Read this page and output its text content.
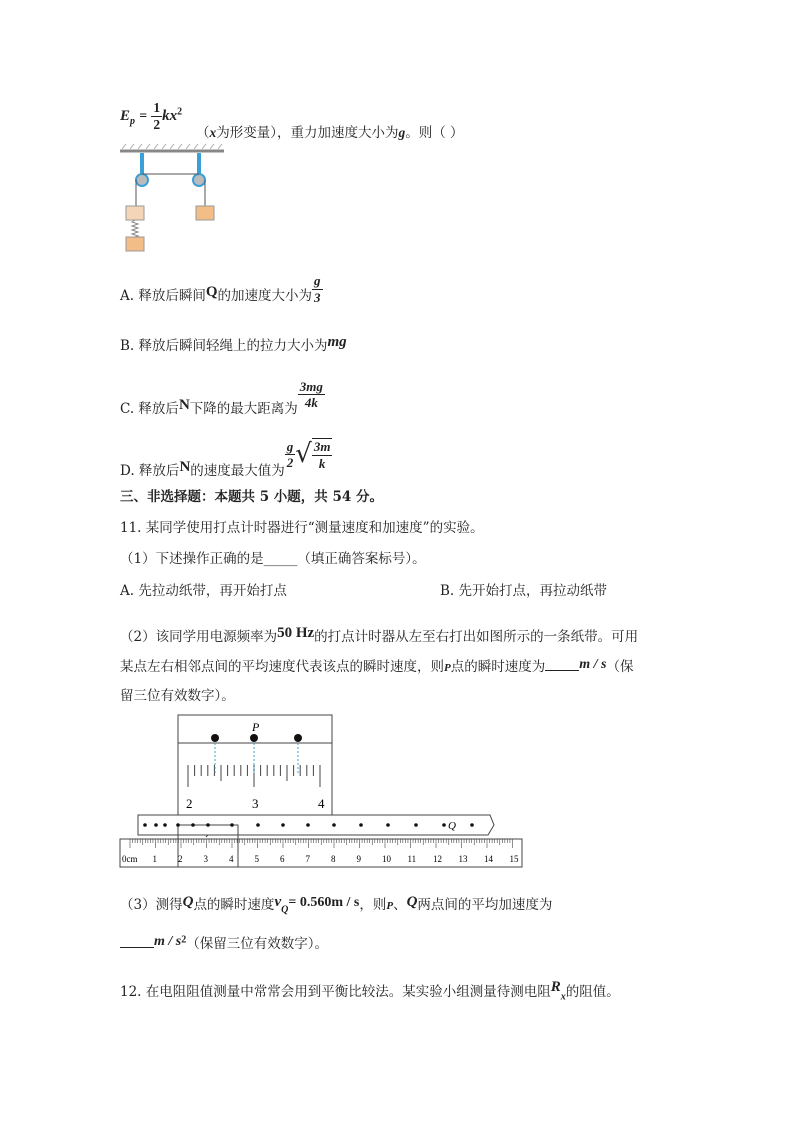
$E_p = \frac{1}{2} kx^2$
（x为形变量），重力加速度大小为g。则（ ）
A. 释放后瞬间Q的加速度大小为 $\frac{g}{3}$
B. 释放后瞬间轻绳上的拉力大小为mg
C. 释放后N下降的最大距离为 $\frac{3mg}{4k}$
D. 释放后N的速度最大值为
$\frac{g}{2}$ √ $\frac{3m}{k}$
三、非选择题：本题共 5 小题，共 54 分。
11. 某同学使用打点计时器进行“测量速度和加速度”的实验。
（1）下述操作正确的是_____（填正确答案标号）。
A. 先拉动纸带，再开始打点	B. 先开始打点，再拉动纸带
（2）该同学用电源频率为50 Hz的打点计时器从左至右打出如图所示的一条纸带。可用
某点左右相邻点间的平均速度代表该点的瞬时速度，则P点的瞬时速度为 m / s（保
留三位有效数字）。
P
2	3	4
Q
0cm 1 2 3 4 5 6 7 8 9 10 11 12 13 14 15
（3）测得Q点的瞬时速度$v_Q= 0.560m / s$，则P、Q两点间的平均加速度为
m / $s^2$（保留三位有效数字）。
12. 在电阻阻值测量中常常会用到平衡比较法。某实验小组测量待测电阻$R_x$的阻值。
